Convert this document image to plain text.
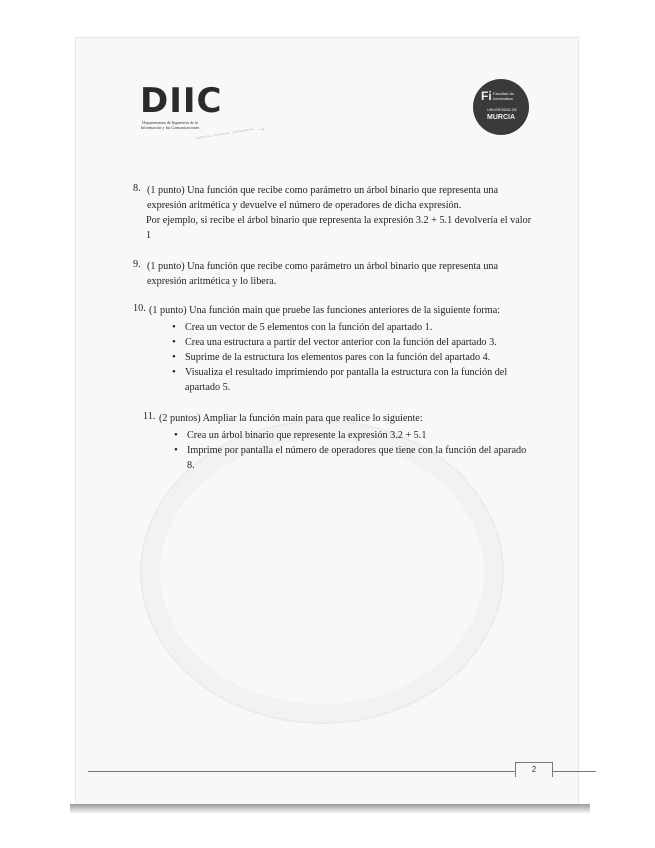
DIIC
Departamento de Ingeniería de la Información y las Comunicaciones
Fi Facultad de Informática
UNIVERSIDAD DE
MURCIA
~~~ ~~~ ~~~~ →
8. (1 punto) Una función que recibe como parámetro un árbol binario que representa una expresión aritmética y devuelve el número de operadores de dicha expresión.

Por ejemplo, si recibe el árbol binario que representa la expresión 3.2 + 5.1 devolvería el valor 1

9. (1 punto) Una función que recibe como parámetro un árbol binario que representa una expresión aritmética y lo libera.

10. (1 punto) Una función main que pruebe las funciones anteriores de la siguiente forma:

• Crea un vector de 5 elementos con la función del apartado 1.
• Crea una estructura a partir del vector anterior con la función del apartado 3.
• Suprime de la estructura los elementos pares con la función del apartado 4.
• Visualiza el resultado imprimiendo por pantalla la estructura con la función del apartado 5.
11. (2 puntos) Ampliar la función main para que realice lo siguiente:

• Crea un árbol binario que represente la expresión 3.2 + 5.1
• Imprime por pantalla el número de operadores que tiene con la función del aparado 8.
2
